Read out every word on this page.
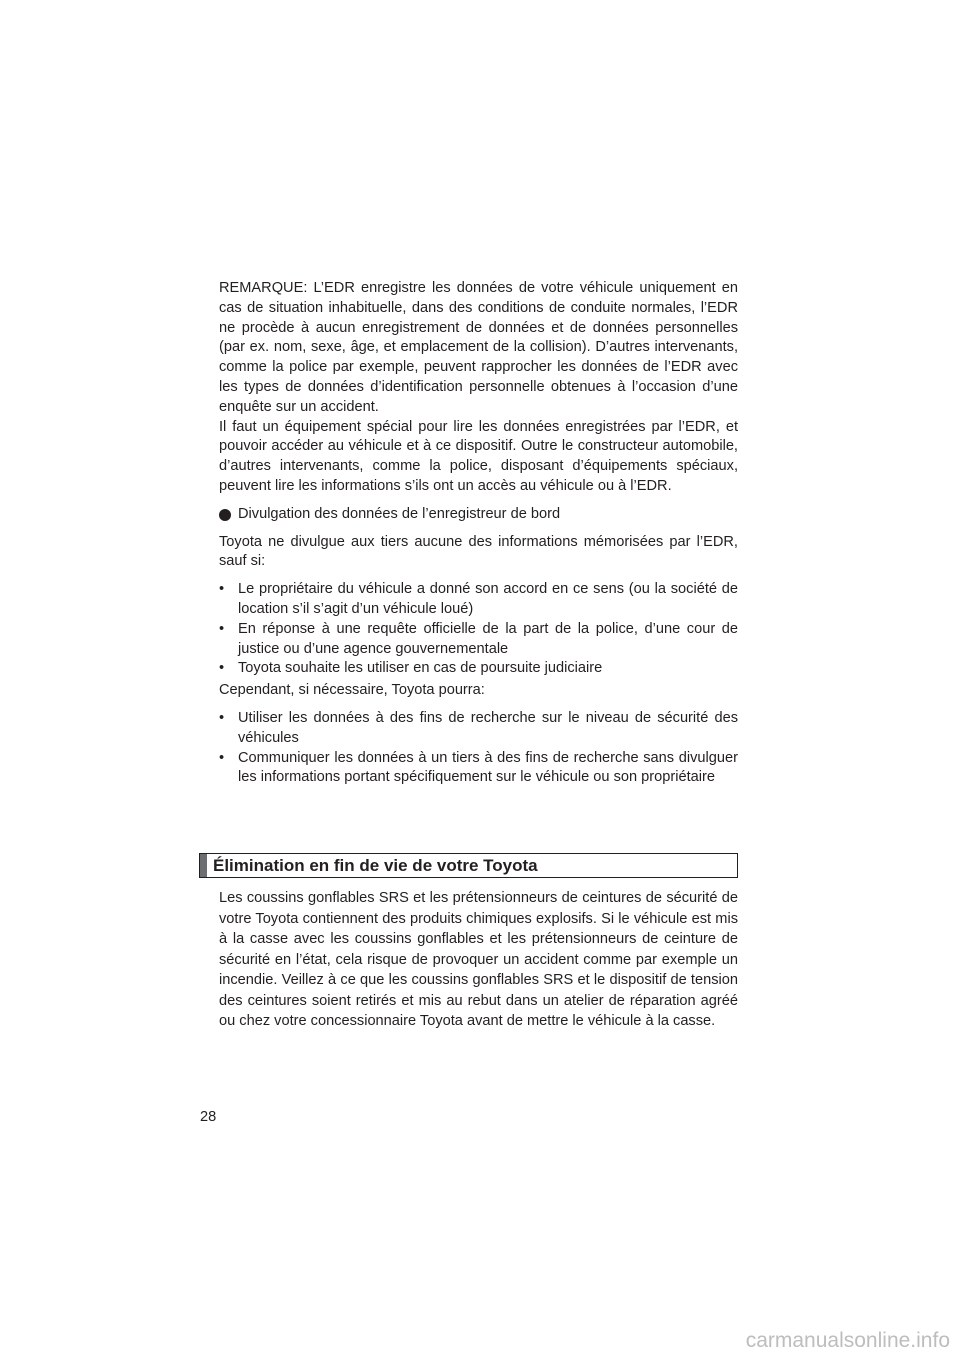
REMARQUE: L’EDR enregistre les données de votre véhicule uniquement en cas de situation inhabituelle, dans des conditions de conduite normales, l’EDR ne procède à aucun enregistrement de données et de données personnelles (par ex. nom, sexe, âge, et emplacement de la collision). D’autres intervenants, comme la police par exemple, peuvent rapprocher les données de l’EDR avec les types de données d’identification personnelle obtenues à l’occasion d’une enquête sur un accident.

Il faut un équipement spécial pour lire les données enregistrées par l’EDR, et pouvoir accéder au véhicule et à ce dispositif. Outre le constructeur automobile, d’autres intervenants, comme la police, disposant d’équipements spéciaux, peuvent lire les informations s’ils ont un accès au véhicule ou à l’EDR.

Divulgation des données de l’enregistreur de bord

Toyota ne divulgue aux tiers aucune des informations mémorisées par l’EDR, sauf si:

• Le propriétaire du véhicule a donné son accord en ce sens (ou la société de location s’il s’agit d’un véhicule loué)
• En réponse à une requête officielle de la part de la police, d’une cour de justice ou d’une agence gouvernementale
• Toyota souhaite les utiliser en cas de poursuite judiciaire

Cependant, si nécessaire, Toyota pourra:

• Utiliser les données à des fins de recherche sur le niveau de sécurité des véhicules
• Communiquer les données à un tiers à des fins de recherche sans divulguer les informations portant spécifiquement sur le véhicule ou son propriétaire
Élimination en fin de vie de votre Toyota

Les coussins gonflables SRS et les prétensionneurs de ceintures de sécurité de votre Toyota contiennent des produits chimiques explosifs. Si le véhicule est mis à la casse avec les coussins gonflables et les prétensionneurs de ceinture de sécurité en l’état, cela risque de provoquer un accident comme par exemple un incendie. Veillez à ce que les coussins gonflables SRS et le dispositif de tension des ceintures soient retirés et mis au rebut dans un atelier de réparation agréé ou chez votre concessionnaire Toyota avant de mettre le véhicule à la casse.

28
carmanualsonline.info
